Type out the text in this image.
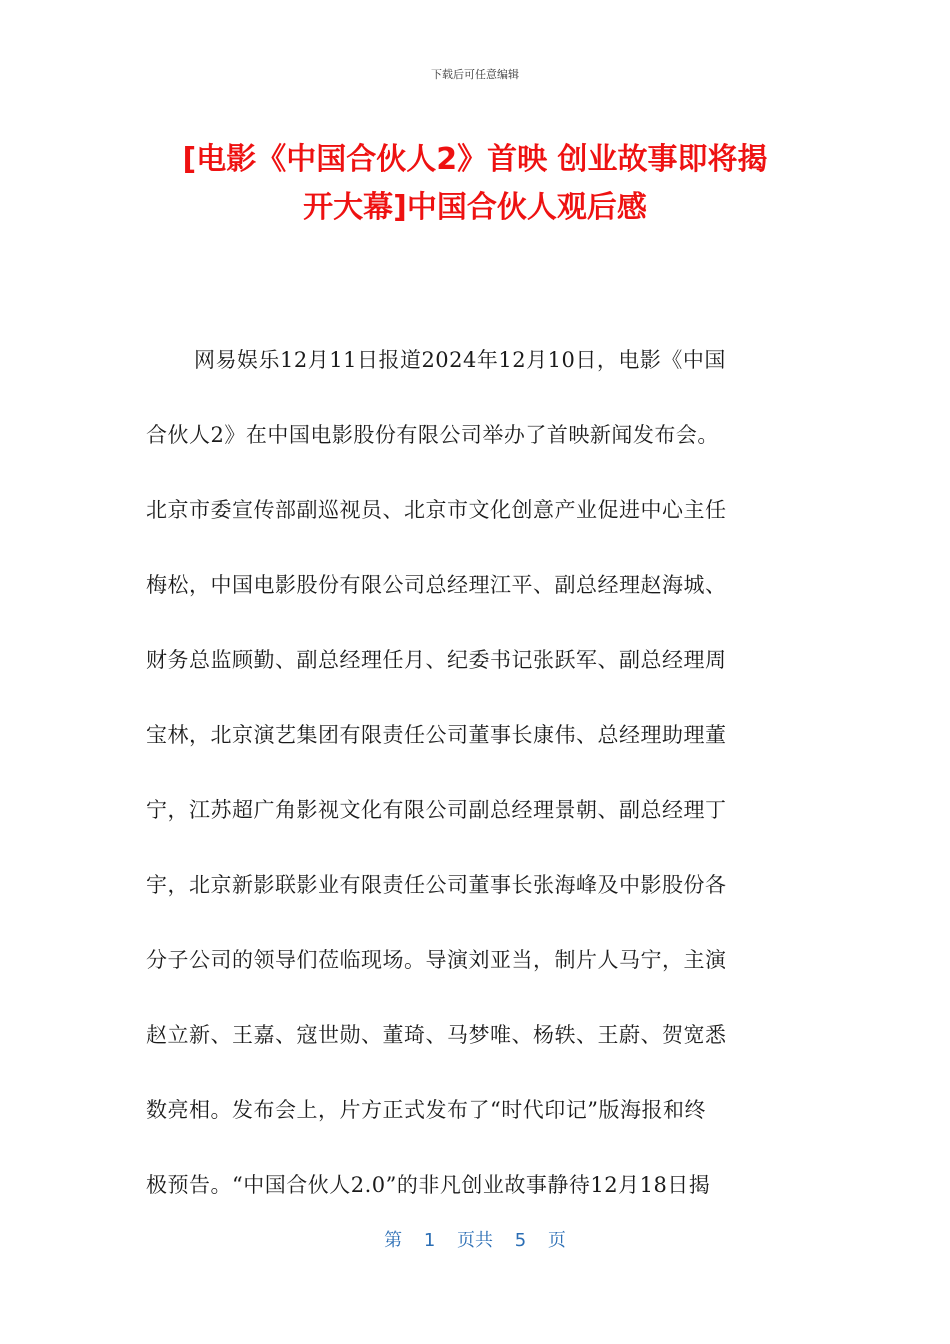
下载后可任意编辑
[电影《中国合伙人2》首映 创业故事即将揭
开大幕]中国合伙人观后感
网易娱乐12月11日报道2024年12月10日，电影《中国
合伙人2》在中国电影股份有限公司举办了首映新闻发布会。
北京市委宣传部副巡视员、北京市文化创意产业促进中心主任
梅松，中国电影股份有限公司总经理江平、副总经理赵海城、
财务总监顾勤、副总经理任月、纪委书记张跃军、副总经理周
宝林，北京演艺集团有限责任公司董事长康伟、总经理助理董
宁，江苏超广角影视文化有限公司副总经理景朝、副总经理丁
宇，北京新影联影业有限责任公司董事长张海峰及中影股份各
分子公司的领导们莅临现场。导演刘亚当，制片人马宁，主演
赵立新、王嘉、寇世勋、董琦、马梦唯、杨轶、王蔚、贺宽悉
数亮相。发布会上，片方正式发布了“时代印记”版海报和终
极预告。“中国合伙人2.0”的非凡创业故事静待12月18日揭
第 1 页共 5 页
